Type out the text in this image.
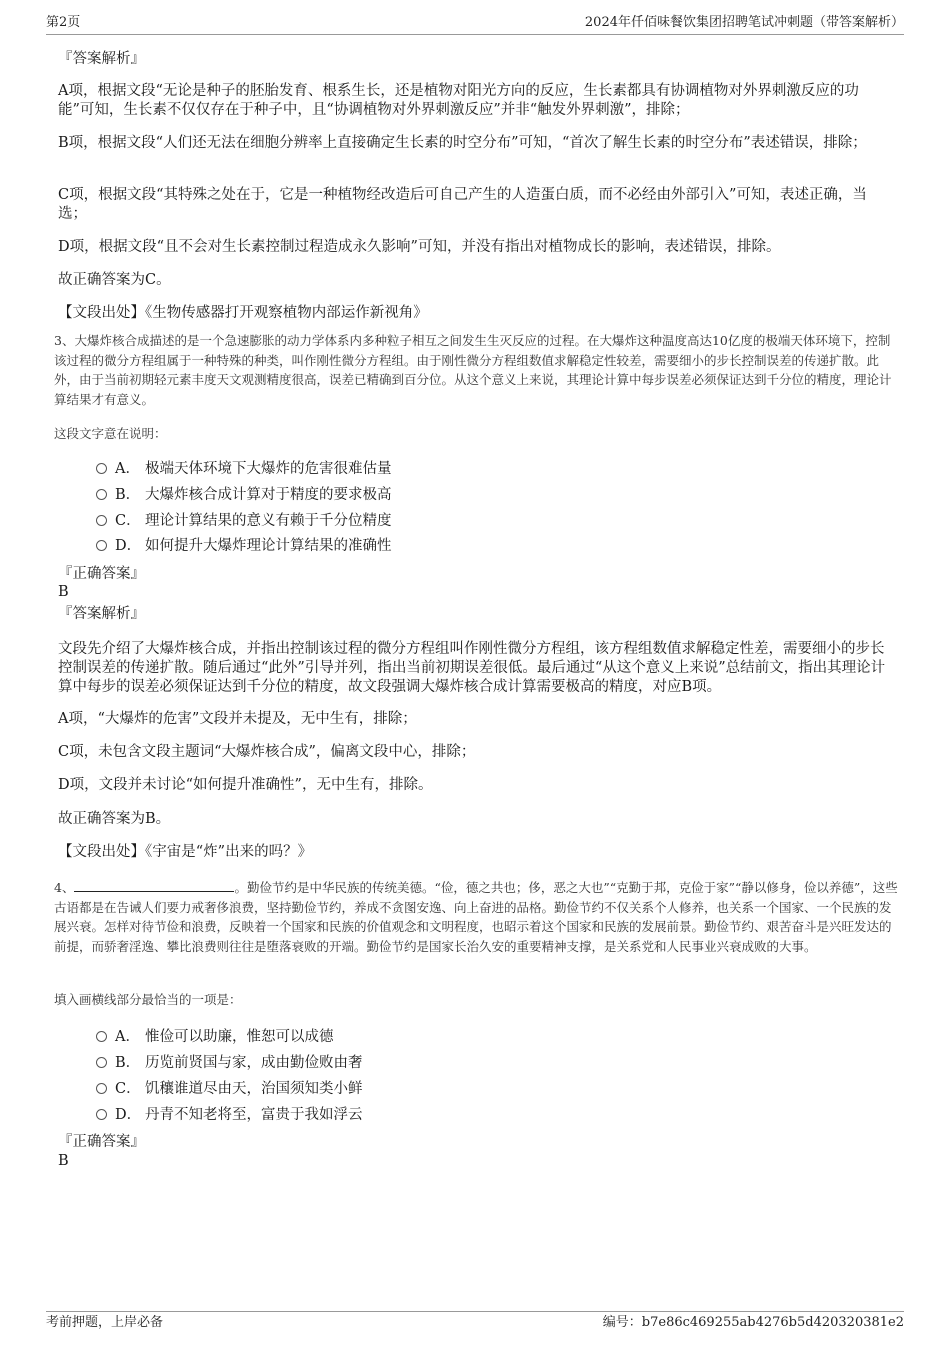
第2页	2024年仟佰味餐饮集团招聘笔试冲刺题（带答案解析）
『答案解析』
A项，根据文段“无论是种子的胚胎发育、根系生长，还是植物对阳光方向的反应，生长素都具有协调植物对外界刺激反应的功能”可知，生长素不仅仅存在于种子中，且“协调植物对外界刺激反应”并非“触发外界刺激”，排除；
B项，根据文段“人们还无法在细胞分辨率上直接确定生长素的时空分布”可知，“首次了解生长素的时空分布”表述错误，排除；
C项，根据文段“其特殊之处在于，它是一种植物经改造后可自己产生的人造蛋白质，而不必经由外部引入”可知，表述正确，当选；
D项，根据文段“且不会对生长素控制过程造成永久影响”可知，并没有指出对植物成长的影响，表述错误，排除。
故正确答案为C。
【文段出处】《生物传感器打开观察植物内部运作新视角》
3、大爆炸核合成描述的是一个急速膨胀的动力学体系内多种粒子相互之间发生生灭反应的过程。在大爆炸这种温度高达10亿度的极端天体环境下，控制该过程的微分方程组属于一种特殊的种类，叫作刚性微分方程组。由于刚性微分方程组数值求解稳定性较差，需要细小的步长控制误差的传递扩散。此外，由于当前初期轻元素丰度天文观测精度很高，误差已精确到百分位。从这个意义上来说，其理论计算中每步误差必须保证达到千分位的精度，理论计算结果才有意义。
这段文字意在说明：
A． 极端天体环境下大爆炸的危害很难估量
B． 大爆炸核合成计算对于精度的要求极高
C． 理论计算结果的意义有赖于千分位精度
D． 如何提升大爆炸理论计算结果的准确性
『正确答案』
B
『答案解析』
文段先介绍了大爆炸核合成，并指出控制该过程的微分方程组叫作刚性微分方程组，该方程组数值求解稳定性差，需要细小的步长控制误差的传递扩散。随后通过“此外”引导并列，指出当前初期误差很低。最后通过“从这个意义上来说”总结前文，指出其理论计算中每步的误差必须保证达到千分位的精度，故文段强调大爆炸核合成计算需要极高的精度，对应B项。
A项，“大爆炸的危害”文段并未提及，无中生有，排除；
C项，未包含文段主题词“大爆炸核合成”，偏离文段中心，排除；
D项，文段并未讨论“如何提升准确性”，无中生有，排除。
故正确答案为B。
【文段出处】《宇宙是“炸”出来的吗？》
4、	。勤俭节约是中华民族的传统美德。“俭，德之共也；侈，恶之大也”“克勤于邦，克俭于家”“静以修身，俭以养德”，这些古语都是在告诫人们要力戒奢侈浪费，坚持勤俭节约，养成不贪图安逸、向上奋进的品格。勤俭节约不仅关系个人修养，也关系一个国家、一个民族的发展兴衰。怎样对待节俭和浪费，反映着一个国家和民族的价值观念和文明程度，也昭示着这个国家和民族的发展前景。勤俭节约、艰苦奋斗是兴旺发达的前提，而骄奢淫逸、攀比浪费则往往是堕落衰败的开端。勤俭节约是国家长治久安的重要精神支撑，是关系党和人民事业兴衰成败的大事。
填入画横线部分最恰当的一项是：
A． 惟俭可以助廉，惟恕可以成德
B． 历览前贤国与家，成由勤俭败由奢
C． 饥穰谁道尽由天，治国须知类小鲜
D． 丹青不知老将至，富贵于我如浮云
『正确答案』
B
考前押题，上岸必备	编号：b7e86c469255ab4276b5d420320381e2
